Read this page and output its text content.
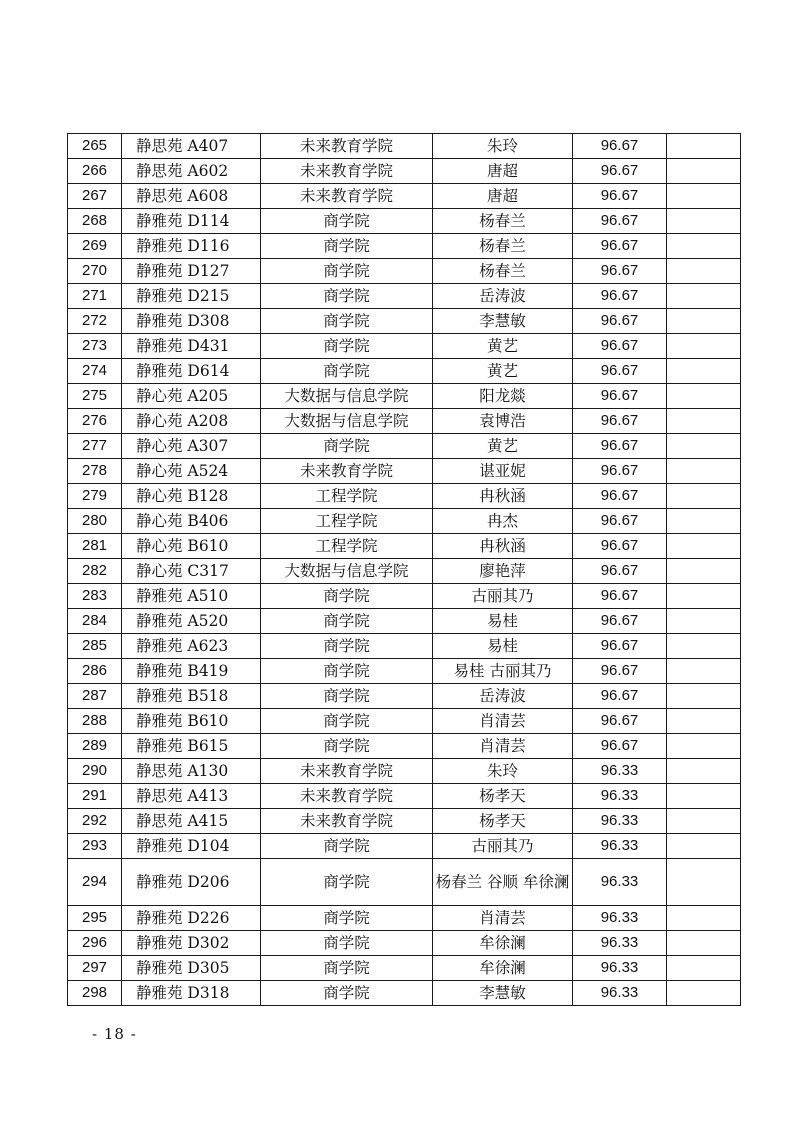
265	静思苑 A407	未来教育学院	朱玲	96.67	
266	静思苑 A602	未来教育学院	唐超	96.67	
267	静思苑 A608	未来教育学院	唐超	96.67	
268	静雅苑 D114	商学院	杨春兰	96.67	
269	静雅苑 D116	商学院	杨春兰	96.67	
270	静雅苑 D127	商学院	杨春兰	96.67	
271	静雅苑 D215	商学院	岳涛波	96.67	
272	静雅苑 D308	商学院	李慧敏	96.67	
273	静雅苑 D431	商学院	黄艺	96.67	
274	静雅苑 D614	商学院	黄艺	96.67	
275	静心苑 A205	大数据与信息学院	阳龙燚	96.67	
276	静心苑 A208	大数据与信息学院	袁博浩	96.67	
277	静心苑 A307	商学院	黄艺	96.67	
278	静心苑 A524	未来教育学院	谌亚妮	96.67	
279	静心苑 B128	工程学院	冉秋涵	96.67	
280	静心苑 B406	工程学院	冉杰	96.67	
281	静心苑 B610	工程学院	冉秋涵	96.67	
282	静心苑 C317	大数据与信息学院	廖艳萍	96.67	
283	静雅苑 A510	商学院	古丽其乃	96.67	
284	静雅苑 A520	商学院	易桂	96.67	
285	静雅苑 A623	商学院	易桂	96.67	
286	静雅苑 B419	商学院	易桂 古丽其乃	96.67	
287	静雅苑 B518	商学院	岳涛波	96.67	
288	静雅苑 B610	商学院	肖清芸	96.67	
289	静雅苑 B615	商学院	肖清芸	96.67	
290	静思苑 A130	未来教育学院	朱玲	96.33	
291	静思苑 A413	未来教育学院	杨孝天	96.33	
292	静思苑 A415	未来教育学院	杨孝天	96.33	
293	静雅苑 D104	商学院	古丽其乃	96.33	
294	静雅苑 D206	商学院	杨春兰 谷顺 牟徐澜	96.33	
295	静雅苑 D226	商学院	肖清芸	96.33	
296	静雅苑 D302	商学院	牟徐澜	96.33	
297	静雅苑 D305	商学院	牟徐澜	96.33	
298	静雅苑 D318	商学院	李慧敏	96.33	
- 18 -
